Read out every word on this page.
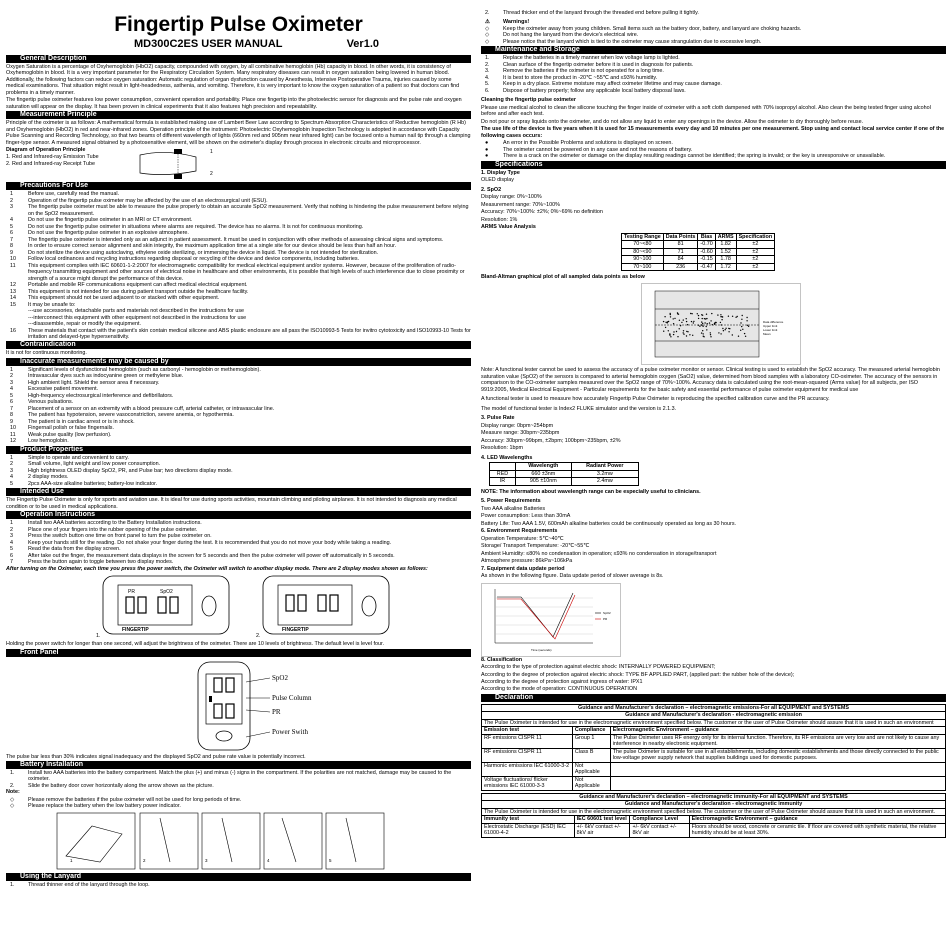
Fingertip Pulse Oximeter
MD300C2ES USER MANUAL	Ver1.0
General Description

Oxygen Saturation is a percentage of Oxyhemoglobin (HbO2) capacity, compounded with oxygen, by all combinative hemoglobin (Hb) capacity in blood. In other words, it is consistency of Oxyhemoglobin in blood. It is a very important parameter for the Respiratory Circulation System. Many respiratory diseases can result in oxygen saturation being lowered in human blood. Additionally, the following factors can reduce oxygen saturation: Automatic regulation of organ dysfunction caused by Anesthesia, Intensive Postoperative Trauma, injuries caused by some medical examinations. That situation might result in light-headedness, asthenia, and vomiting. Therefore, it is very important to know the oxygen saturation of a patient so that doctors can find problems in a timely manner.

The fingertip pulse oximeter features low power consumption, convenient operation and portability. Place one fingertip into the photoelectric sensor for diagnosis and the pulse rate and oxygen saturation will appear on the display. It has been proven in clinical experiments that it also features high precision and repeatability.

Measurement Principle

Principle of the oximeter is as follows: A mathematical formula is established making use of Lambert Beer Law according to Spectrum Absorption Characteristics of Reductive hemoglobin (R Hb) and Oxyhemoglobin (HbO2) in red and near-infrared zones. Operation principle of the instrument: Photoelectric Oxyhemoglobin Inspection Technology is adopted in accordance with Capacity Pulse Scanning and Recording Technology, so that two beams of different wavelength of lights (660nm red and 905nm near infrared light) can be focused onto a human nail tip through a clamping finger-type sensor. A measured signal obtained by a photosensitive element, will be shown on the oximeter's display through process in electronic circuits and microprocessor.

Diagram of Operation Principle
1. Red and Infrared-ray Emission Tube
2. Red and Infrared-ray Receipt Tube
1
2
Precautions For Use
1	Before use, carefully read the manual.
2	Operation of the fingertip pulse oximeter may be affected by the use of an electrosurgical unit (ESU).
3	The fingertip pulse oximeter must be able to measure the pulse properly to obtain an accurate SpO2 measurement. Verify that nothing is hindering the pulse measurement before relying on the SpO2 measurement.
4	Do not use the fingertip pulse oximeter in an MRI or CT environment.
5	Do not use the fingertip pulse oximeter in situations where alarms are required. The device has no alarms. It is not for continuous monitoring.
6	Do not use the fingertip pulse oximeter in an explosive atmosphere.
7	The fingertip pulse oximeter is intended only as an adjunct in patient assessment. It must be used in conjunction with other methods of assessing clinical signs and symptoms.
8	In order to ensure correct sensor alignment and skin integrity, the maximum application time at a single site for our device should be less than half an hour.
9	Do not sterilize the device using autoclaving, ethylene oxide sterilizing, or immersing the device in liquid. The device is not intended for sterilization.
10	Follow local ordinances and recycling instructions regarding disposal or recycling of the device and device components, including batteries.
11	This equipment complies with IEC 60601-1-2:2007 for electromagnetic compatibility for medical electrical equipment and/or systems. However, because of the proliferation of radio-frequency transmitting equipment and other sources of electrical noise in healthcare and other environments, it is possible that high levels of such interference due to close proximity or strength of a source might disrupt the performance of this device.
12	Portable and mobile RF communications equipment can affect medical electrical equipment.
13	This equipment is not intended for use during patient transport outside the healthcare facility.
14	This equipment should not be used adjacent to or stacked with other equipment.
15	It may be unsafe to:
---use accessories, detachable parts and materials not described in the instructions for use
---interconnect this equipment with other equipment not described in the instructions for use
---disassemble, repair or modify the equipment.
16	These materials that contact with the patient's skin contain medical silicone and ABS plastic enclosure are all pass the ISO10993-5 Tests for invitro cytotoxicity and ISO10993-10 Tests for irritation and delayed-type hypersensitivity.
Contraindication

It is not for continuous monitoring.

Inaccurate measurements may be caused by
1	Significant levels of dysfunctional hemoglobin (such as carbonyl - hemoglobin or methemoglobin).
2	Intravascular dyes such as indocyanine green or methylene blue.
3	High ambient light. Shield the sensor area if necessary.
4	Excessive patient movement.
5	High-frequency electrosurgical interference and defibrillators.
6	Venous pulsations.
7	Placement of a sensor on an extremity with a blood pressure cuff, arterial catheter, or intravascular line.
8	The patient has hypotension, severe vasoconstriction, severe anemia, or hypothermia.
9	The patient is in cardiac arrest or is in shock.
10	Fingernail polish or false fingernails.
11	Weak pulse quality (low perfusion).
12	Low hemoglobin.
Product Properties
1	Simple to operate and convenient to carry.
2	Small volume, light weight and low power consumption.
3	High brightness OLED display SpO2, PR, and Pulse bar; two directions display mode.
4	2 display modes.
5	2pcs AAA-size alkaline batteries; battery-low indicator.
Intended Use

The Fingertip Pulse Oximeter is only for sports and aviation use. It is ideal for use during sports activities, mountain climbing and piloting airplanes. It is not intended to diagnosis any medical condition or to be used in medical applications.

Operation Instructions
1	Install two AAA batteries according to the Battery Installation instructions.
2	Place one of your fingers into the rubber opening of the pulse oximeter.
3	Press the switch button one time on front panel to turn the pulse oximeter on.
4	Keep your hands still for the reading. Do not shake your finger during the test. It is recommended that you do not move your body while taking a reading.
5	Read the data from the display screen.
6	After take out the finger, the measurement data displays in the screen for 5 seconds and then the pulse oximeter will power off automatically in 5 seconds.
7	Press the button again to toggle between two display modes.

After turning on the Oximeter, each time you press the power switch, the Oximeter will switch to another display mode. There are 2 display modes shown as follows:

1.
PR	SpO2
FINGERTIP
2.
FINGERTIP

Holding the power switch for longer than one second, will adjust the brightness of the oximeter. There are 10 levels of brightness. The default level is level four.

Front Panel
SpO2
Pulse Column
PR
Power Swith

The pulse bar less than 30% indicates signal inadequacy and the displayed SpO2 and pulse rate value is potentially incorrect.

Battery Installation
1.	Install two AAA batteries into the battery compartment. Match the plus (+) and minus (-) signs in the compartment. If the polarities are not matched, damage may be caused to the oximeter.
2.	Slide the battery door cover horizontally along the arrow shown as the picture.

Note:

◇	Please remove the batteries if the pulse oximeter will not be used for long periods of time.
◇	Please replace the battery when the low battery power indicator.
1	2	3	4	5
Using the Lanyard
1.	Thread thinner end of the lanyard through the loop.
2.	Thread thicker end of the lanyard through the threaded end before pulling it tightly.
⚠	Warnings!
◇	Keep the oximeter away from young children. Small items such as the battery door, battery, and lanyard are choking hazards.
◇	Do not hang the lanyard from the device's electrical wire.
◇	Please notice that the lanyard which is tied to the oximeter may cause strangulation due to excessive length.
Maintenance and Storage
1.	Replace the batteries in a timely manner when low voltage lamp is lighted.
2.	Clean surface of the fingertip oximeter before it is used in diagnosis for patients.
3.	Remove the batteries if the oximeter is not operated for a long time.
4.	It is best to store the product in -20℃ ~55℃ and ≤93% humidity.
5.	Keep in a dry place. Extreme moisture may affect oximeter lifetime and may cause damage.
6.	Dispose of battery properly; follow any applicable local battery disposal laws.

Cleaning the fingertip pulse oximeter

Please use medical alcohol to clean the silicone touching the finger inside of oximeter with a soft cloth dampened with 70% isopropyl alcohol. Also clean the being tested finger using alcohol before and after each test.

Do not pour or spray liquids onto the oximeter, and do not allow any liquid to enter any openings in the device. Allow the oximeter to dry thoroughly before reuse.

The use life of the device is five years when it is used for 15 measurements every day and 10 minutes per one measurement. Stop using and contact local service center if one of the following cases occurs:

●	An error in the Possible Problems and solutions is displayed on screen.
●	The oximeter cannot be powered on in any case and not the reasons of battery.
●	There is a crack on the oximeter or damage on the display resulting readings cannot be identified; the spring is invalid; or the key is unresponsive or unavailable.
Specifications

1. Display Type

OLED display

2. SpO2

Display range: 0%~100%

Measurement range: 70%~100%

Accuracy: 70%~100%: ±2%; 0%~69% no definition

Resolution: 1%

ARMS Value Analysis

Testing Range	Data Points	Bias	ARMS	Specification
70~<80	81	-0.70	1.82	±2
80~<90	71	-0.60	1.52	±2
90~100	84	-0.15	1.78	±2
70~100	236	-0.47	1.72	±2

Bland-Altman graphical plot of all sampled data points as below

Data difference
Upper limit
Lower limit
Mean

Note: A functional tester cannot be used to assess the accuracy of a pulse oximeter monitor or sensor. Clinical testing is used to establish the SpO2 accuracy. The measured arterial hemoglobin saturation value (SpO2) of the sensors is compared to arterial hemoglobin oxygen (SaO2) value, determined from blood samples with a laboratory CO-oximeter. The accuracy of the sensors in comparison to the CO-oximeter samples measured over the SpO2 range of 70%~100%. Accuracy data is calculated using the root-mean-squared (Arms value) for all subjects, per ISO 9919:2005, Medical Electrical Equipment - Particular requirements for the basic safety and essential performance of pulse oximeter equipment for medical use

A functional tester is used to measure how accurately Fingertip Pulse Oximeter is reproducing the specified calibration curve and the PR accuracy.

The model of functional tester is Index2 FLUKE simulator and the version is 2.1.3.

3. Pulse Rate

Display range: 0bpm~254bpm

Measure range: 30bpm~235bpm

Accuracy: 30bpm~99bpm, ±2bpm; 100bpm~235bpm, ±2%

Resolution: 1bpm

4. LED Wavelengths

	Wavelength	Radiant Power
RED	660 ±3nm	3.2mw
IR	905 ±10nm	2.4mw

NOTE: The information about wavelength range can be especially useful to clinicians.

5. Power Requirements

Two AAA alkaline Batteries

Power consumption: Less than 30mA

Battery Life: Two AAA 1.5V, 600mAh alkaline batteries could be continuously operated as long as 30 hours.

6. Environment Requirements

Operation Temperature: 5℃~40℃

Storage/ Transport Temperature: -20℃~55℃

Ambient Humidity: ≤80% no condensation in operation; ≤93% no condensation in storage/transport

Atmosphere pressure: 86kPa~106kPa

7. Equipment data update period

As shown in the following figure. Data update period of slower average is 8s.

Time (seconds)
SpO2
PR

8. Classification

According to the type of protection against electric shock: INTERNALLY POWERED EQUIPMENT;

According to the degree of protection against electric shock: TYPE BF APPLIED PART, (applied part: the rubber hole of the device);

According to the degree of protection against ingress of water: IPX1

According to the mode of operation: CONTINUOUS OPERATION

Declaration
Guidance and Manufacturer's declaration – electromagnetic emissions-For all EQUIPMENT and SYSTEMS		
Guidance and Manufacturer's declaration - electromagnetic emission		
The Pulse Oximeter is intended for use in the electromagnetic environment specified below. The customer or the user of Pulse Oximeter should assure that it is used in such an environment		
Emission test	Compliance	Electromagnetic Environment – guidance
RF emissions CISPR 11	Group 1	The Pulse Oximeter uses RF energy only for its internal function. Therefore, its RF emissions are very low and are not likely to cause any interference in nearby electronic equipment.
RF emissions CISPR 11	Class B	The pulse Oximeter is suitable for use in all establishments, including domestic establishments and those directly connected to the public low-voltage power supply network that supplies buildings used for domestic purposes.
Harmonic emissions IEC 61000-3-2	Not Applicable	
Voltage fluctuations/ flicker emissions IEC 61000-3-3	Not Applicable	
Guidance and Manufacturer's declaration – electromagnetic immunity-For all EQUIPMENT and SYSTEMS			
Guidance and Manufacturer's declaration - electromagnetic immunity			
The Pulse Oximeter is intended for use in the electromagnetic environment specified below. The customer or the user of Pulse Oximeter should assure that it is used in such an environment.			
Immunity test	IEC 60601 test level	Compliance Level	Electromagnetic Environment – guidance
Electrostatic Discharge (ESD) IEC 61000-4-2	+/- 6kV contact +/- 8kV air	+/- 6kV contact +/- 8kV air	Floors should be wood, concrete or ceramic tile. If floor are covered with synthetic material, the relative humidity should be at least 30%.
